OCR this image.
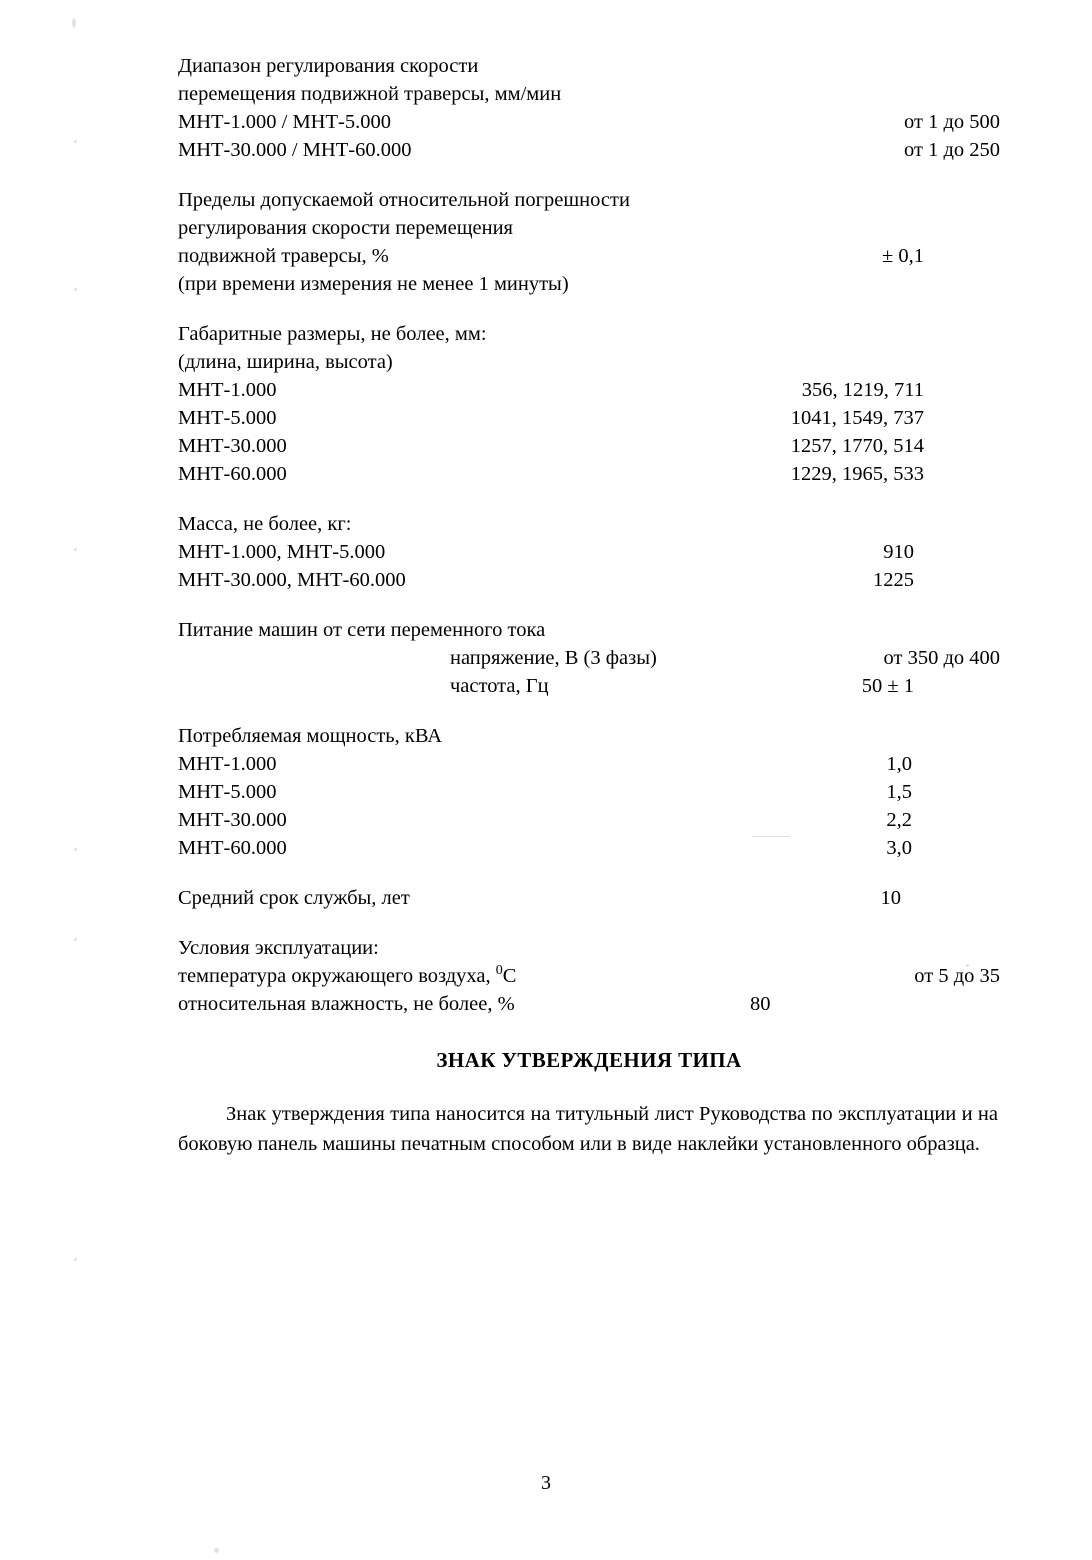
Диапазон регулирования скорости
перемещения подвижной траверсы, мм/мин
МНТ-1.000 / МНТ-5.000	от 1 до 500
МНТ-30.000 / МНТ-60.000	от 1 до 250
Пределы допускаемой относительной погрешности
регулирования скорости перемещения
подвижной траверсы, %	± 0,1
(при времени измерения не менее 1 минуты)
Габаритные размеры, не более, мм:
(длина, ширина, высота)
МНТ-1.000	356, 1219, 711
МНТ-5.000	1041, 1549, 737
МНТ-30.000	1257, 1770, 514
МНТ-60.000	1229, 1965, 533
Масса, не более, кг:
МНТ-1.000, МНТ-5.000	910
МНТ-30.000, МНТ-60.000	1225
Питание машин от сети переменного тока
напряжение, В (3 фазы)	от 350 до 400
частота, Гц	50 ± 1
Потребляемая мощность, кВА
МНТ-1.000	1,0
МНТ-5.000	1,5
МНТ-30.000	2,2
МНТ-60.000	3,0
Средний срок службы, лет	10
Условия эксплуатации:
температура окружающего воздуха, $^0$С	от 5 до 35
относительная влажность, не более, %	80
ЗНАК УТВЕРЖДЕНИЯ ТИПА
Знак утверждения типа наносится на титульный лист Руководства по эксплуатации и на боковую панель машины печатным способом или в виде наклейки установленного образца.
3
